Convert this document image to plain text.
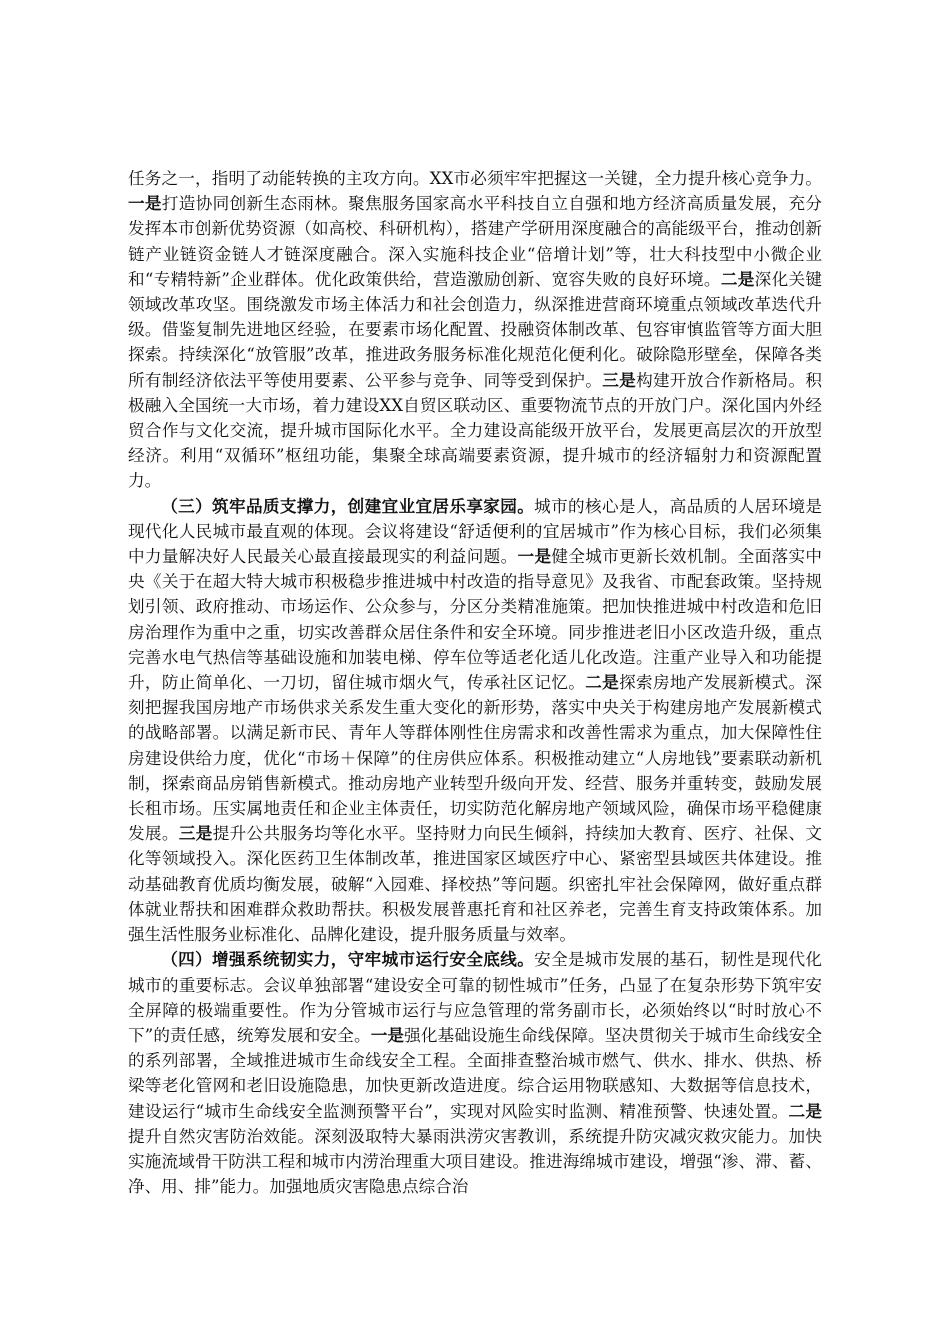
任务之一，指明了动能转换的主攻方向。XX市必须牢牢把握这一关键，全力提升核心竞争力。一是打造协同创新生态雨林。聚焦服务国家高水平科技自立自强和地方经济高质量发展，充分发挥本市创新优势资源（如高校、科研机构），搭建产学研用深度融合的高能级平台，推动创新链产业链资金链人才链深度融合。深入实施科技企业“倍增计划”等，壮大科技型中小微企业和“专精特新”企业群体。优化政策供给，营造激励创新、宽容失败的良好环境。二是深化关键领域改革攻坚。围绕激发市场主体活力和社会创造力，纵深推进营商环境重点领域改革迭代升级。借鉴复制先进地区经验，在要素市场化配置、投融资体制改革、包容审慎监管等方面大胆探索。持续深化“放管服”改革，推进政务服务标准化规范化便利化。破除隐形壁垒，保障各类所有制经济依法平等使用要素、公平参与竞争、同等受到保护。三是构建开放合作新格局。积极融入全国统一大市场，着力建设XX自贸区联动区、重要物流节点的开放门户。深化国内外经贸合作与文化交流，提升城市国际化水平。全力建设高能级开放平台，发展更高层次的开放型经济。利用“双循环”枢纽功能，集聚全球高端要素资源，提升城市的经济辐射力和资源配置力。

（三）筑牢品质支撑力，创建宜业宜居乐享家园。城市的核心是人，高品质的人居环境是现代化人民城市最直观的体现。会议将建设“舒适便利的宜居城市”作为核心目标，我们必须集中力量解决好人民最关心最直接最现实的利益问题。一是健全城市更新长效机制。全面落实中央《关于在超大特大城市积极稳步推进城中村改造的指导意见》及我省、市配套政策。坚持规划引领、政府推动、市场运作、公众参与，分区分类精准施策。把加快推进城中村改造和危旧房治理作为重中之重，切实改善群众居住条件和安全环境。同步推进老旧小区改造升级，重点完善水电气热信等基础设施和加装电梯、停车位等适老化适儿化改造。注重产业导入和功能提升，防止简单化、一刀切，留住城市烟火气，传承社区记忆。二是探索房地产发展新模式。深刻把握我国房地产市场供求关系发生重大变化的新形势，落实中央关于构建房地产发展新模式的战略部署。以满足新市民、青年人等群体刚性住房需求和改善性需求为重点，加大保障性住房建设供给力度，优化“市场＋保障”的住房供应体系。积极推动建立“人房地钱”要素联动新机制，探索商品房销售新模式。推动房地产业转型升级向开发、经营、服务并重转变，鼓励发展长租市场。压实属地责任和企业主体责任，切实防范化解房地产领域风险，确保市场平稳健康发展。三是提升公共服务均等化水平。坚持财力向民生倾斜，持续加大教育、医疗、社保、文化等领域投入。深化医药卫生体制改革，推进国家区域医疗中心、紧密型县域医共体建设。推动基础教育优质均衡发展，破解“入园难、择校热”等问题。织密扎牢社会保障网，做好重点群体就业帮扶和困难群众救助帮扶。积极发展普惠托育和社区养老，完善生育支持政策体系。加强生活性服务业标准化、品牌化建设，提升服务质量与效率。

（四）增强系统韧实力，守牢城市运行安全底线。安全是城市发展的基石，韧性是现代化城市的重要标志。会议单独部署“建设安全可靠的韧性城市”任务，凸显了在复杂形势下筑牢安全屏障的极端重要性。作为分管城市运行与应急管理的常务副市长，必须始终以“时时放心不下”的责任感，统筹发展和安全。一是强化基础设施生命线保障。坚决贯彻关于城市生命线安全的系列部署，全域推进城市生命线安全工程。全面排查整治城市燃气、供水、排水、供热、桥梁等老化管网和老旧设施隐患，加快更新改造进度。综合运用物联感知、大数据等信息技术，建设运行“城市生命线安全监测预警平台”，实现对风险实时监测、精准预警、快速处置。二是提升自然灾害防治效能。深刻汲取特大暴雨洪涝灾害教训，系统提升防灾减灾救灾能力。加快实施流域骨干防洪工程和城市内涝治理重大项目建设。推进海绵城市建设，增强“渗、滞、蓄、净、用、排”能力。加强地质灾害隐患点综合治
